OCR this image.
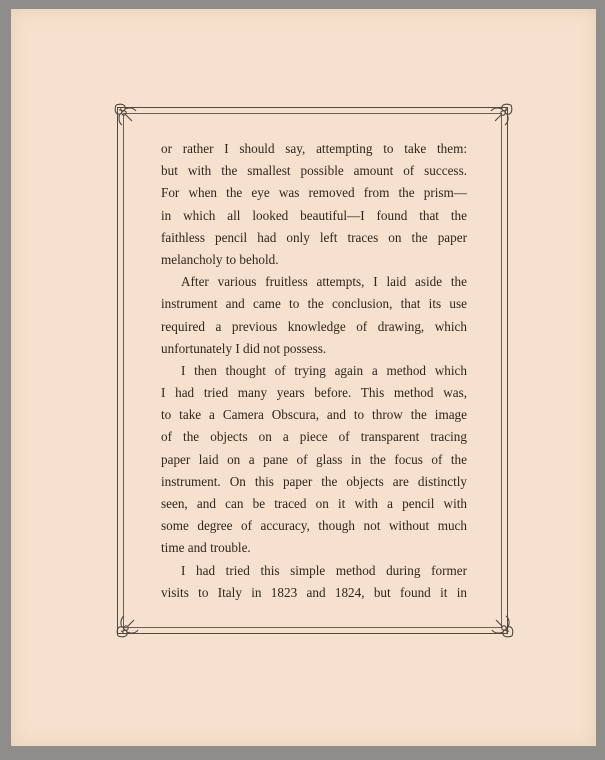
or rather I should say, attempting to take them:
but with the smallest possible amount of success.
For when the eye was removed from the prism—
in which all looked beautiful—I found that the
faithless pencil had only left traces on the paper
melancholy to behold.
After various fruitless attempts, I laid aside the
instrument and came to the conclusion, that its use
required a previous knowledge of drawing, which
unfortunately I did not possess.
I then thought of trying again a method which
I had tried many years before. This method was,
to take a Camera Obscura, and to throw the image
of the objects on a piece of transparent tracing
paper laid on a pane of glass in the focus of the
instrument. On this paper the objects are distinctly
seen, and can be traced on it with a pencil with
some degree of accuracy, though not without much
time and trouble.
I had tried this simple method during former
visits to Italy in 1823 and 1824, but found it in
